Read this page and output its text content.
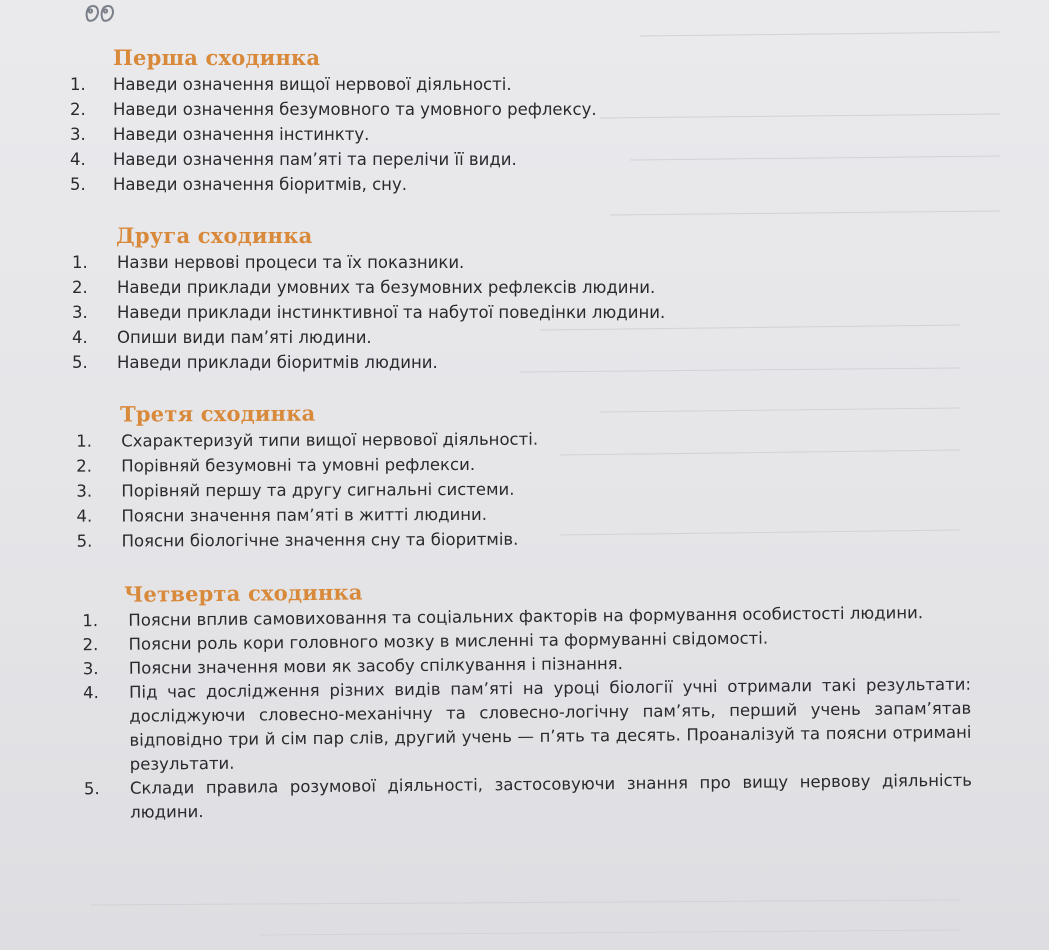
Перша сходинка
1.	Наведи означення вищої нервової діяльності.
2.	Наведи означення безумовного та умовного рефлексу.
3.	Наведи означення інстинкту.
4.	Наведи означення пам’яті та перелічи її види.
5.	Наведи означення біоритмів, сну.
Друга сходинка
1.	Назви нервові процеси та їх показники.
2.	Наведи приклади умовних та безумовних рефлексів людини.
3.	Наведи приклади інстинктивної та набутої поведінки людини.
4.	Опиши види пам’яті людини.
5.	Наведи приклади біоритмів людини.
Третя сходинка
1.	Схарактеризуй типи вищої нервової діяльності.
2.	Порівняй безумовні та умовні рефлекси.
3.	Порівняй першу та другу сигнальні системи.
4.	Поясни значення пам’яті в житті людини.
5.	Поясни біологічне значення сну та біоритмів.
Четверта сходинка
1.	Поясни вплив самовиховання та соціальних факторів на формування особистості людини.
2.	Поясни роль кори головного мозку в мисленні та формуванні свідомості.
3.	Поясни значення мови як засобу спілкування і пізнання.
4.	Під час дослідження різних видів пам’яті на уроці біології учні отримали такі результати: досліджуючи словесно-механічну та словесно-логічну пам’ять, перший учень запам’ятав відповідно три й сім пар слів, другий учень — п’ять та десять. Проаналізуй та поясни отримані результати.
5.	Склади правила розумової діяльності, застосовуючи знання про вищу нервову діяльність людини.
